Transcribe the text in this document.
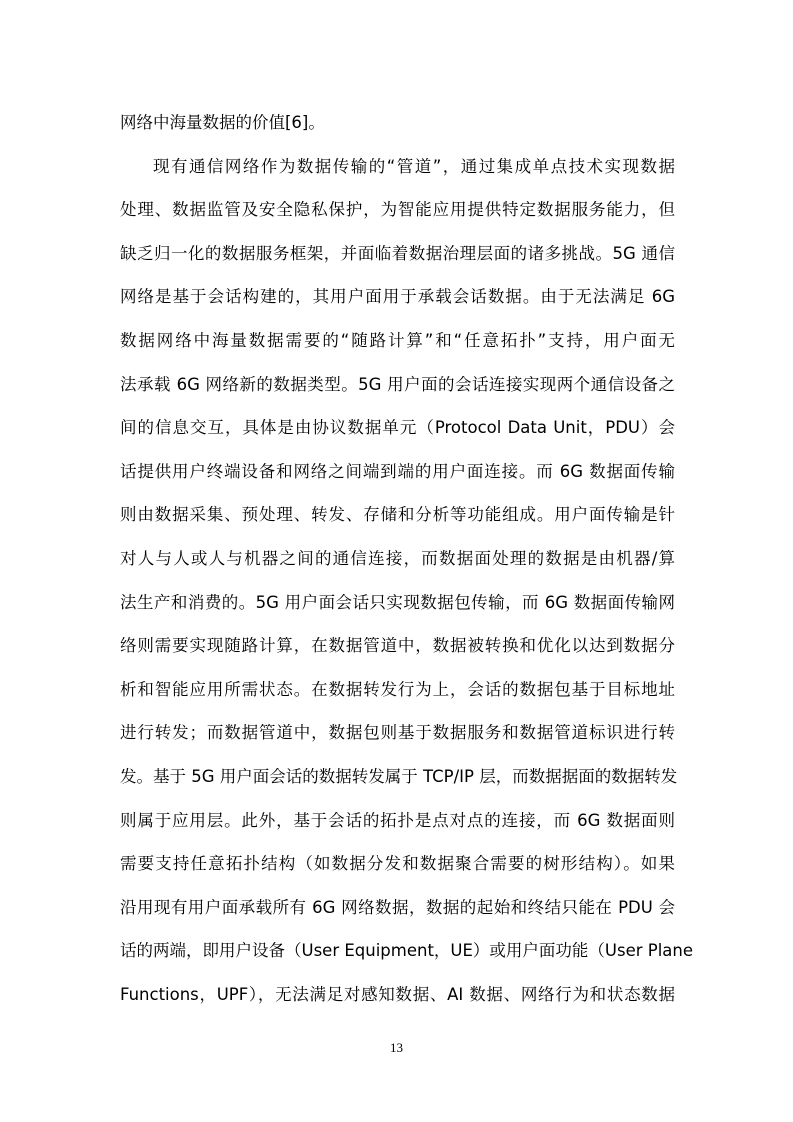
网络中海量数据的价值[6]。
现有通信网络作为数据传输的“管道”，通过集成单点技术实现数据
处理、数据监管及安全隐私保护，为智能应用提供特定数据服务能力，但
缺乏归一化的数据服务框架，并面临着数据治理层面的诸多挑战。5G 通信
网络是基于会话构建的，其用户面用于承载会话数据。由于无法满足 6G
数据网络中海量数据需要的“随路计算”和“任意拓扑”支持，用户面无
法承载 6G 网络新的数据类型。5G 用户面的会话连接实现两个通信设备之
间的信息交互，具体是由协议数据单元（Protocol Data Unit，PDU）会
话提供用户终端设备和网络之间端到端的用户面连接。而 6G 数据面传输
则由数据采集、预处理、转发、存储和分析等功能组成。用户面传输是针
对人与人或人与机器之间的通信连接，而数据面处理的数据是由机器/算
法生产和消费的。5G 用户面会话只实现数据包传输，而 6G 数据面传输网
络则需要实现随路计算，在数据管道中，数据被转换和优化以达到数据分
析和智能应用所需状态。在数据转发行为上，会话的数据包基于目标地址
进行转发；而数据管道中，数据包则基于数据服务和数据管道标识进行转
发。基于 5G 用户面会话的数据转发属于 TCP/IP 层，而数据据面的数据转发
则属于应用层。此外，基于会话的拓扑是点对点的连接，而 6G 数据面则
需要支持任意拓扑结构（如数据分发和数据聚合需要的树形结构）。如果
沿用现有用户面承载所有 6G 网络数据，数据的起始和终结只能在 PDU 会
话的两端，即用户设备（User Equipment，UE）或用户面功能（User Plane
Functions，UPF），无法满足对感知数据、AI 数据、网络行为和状态数据
13
